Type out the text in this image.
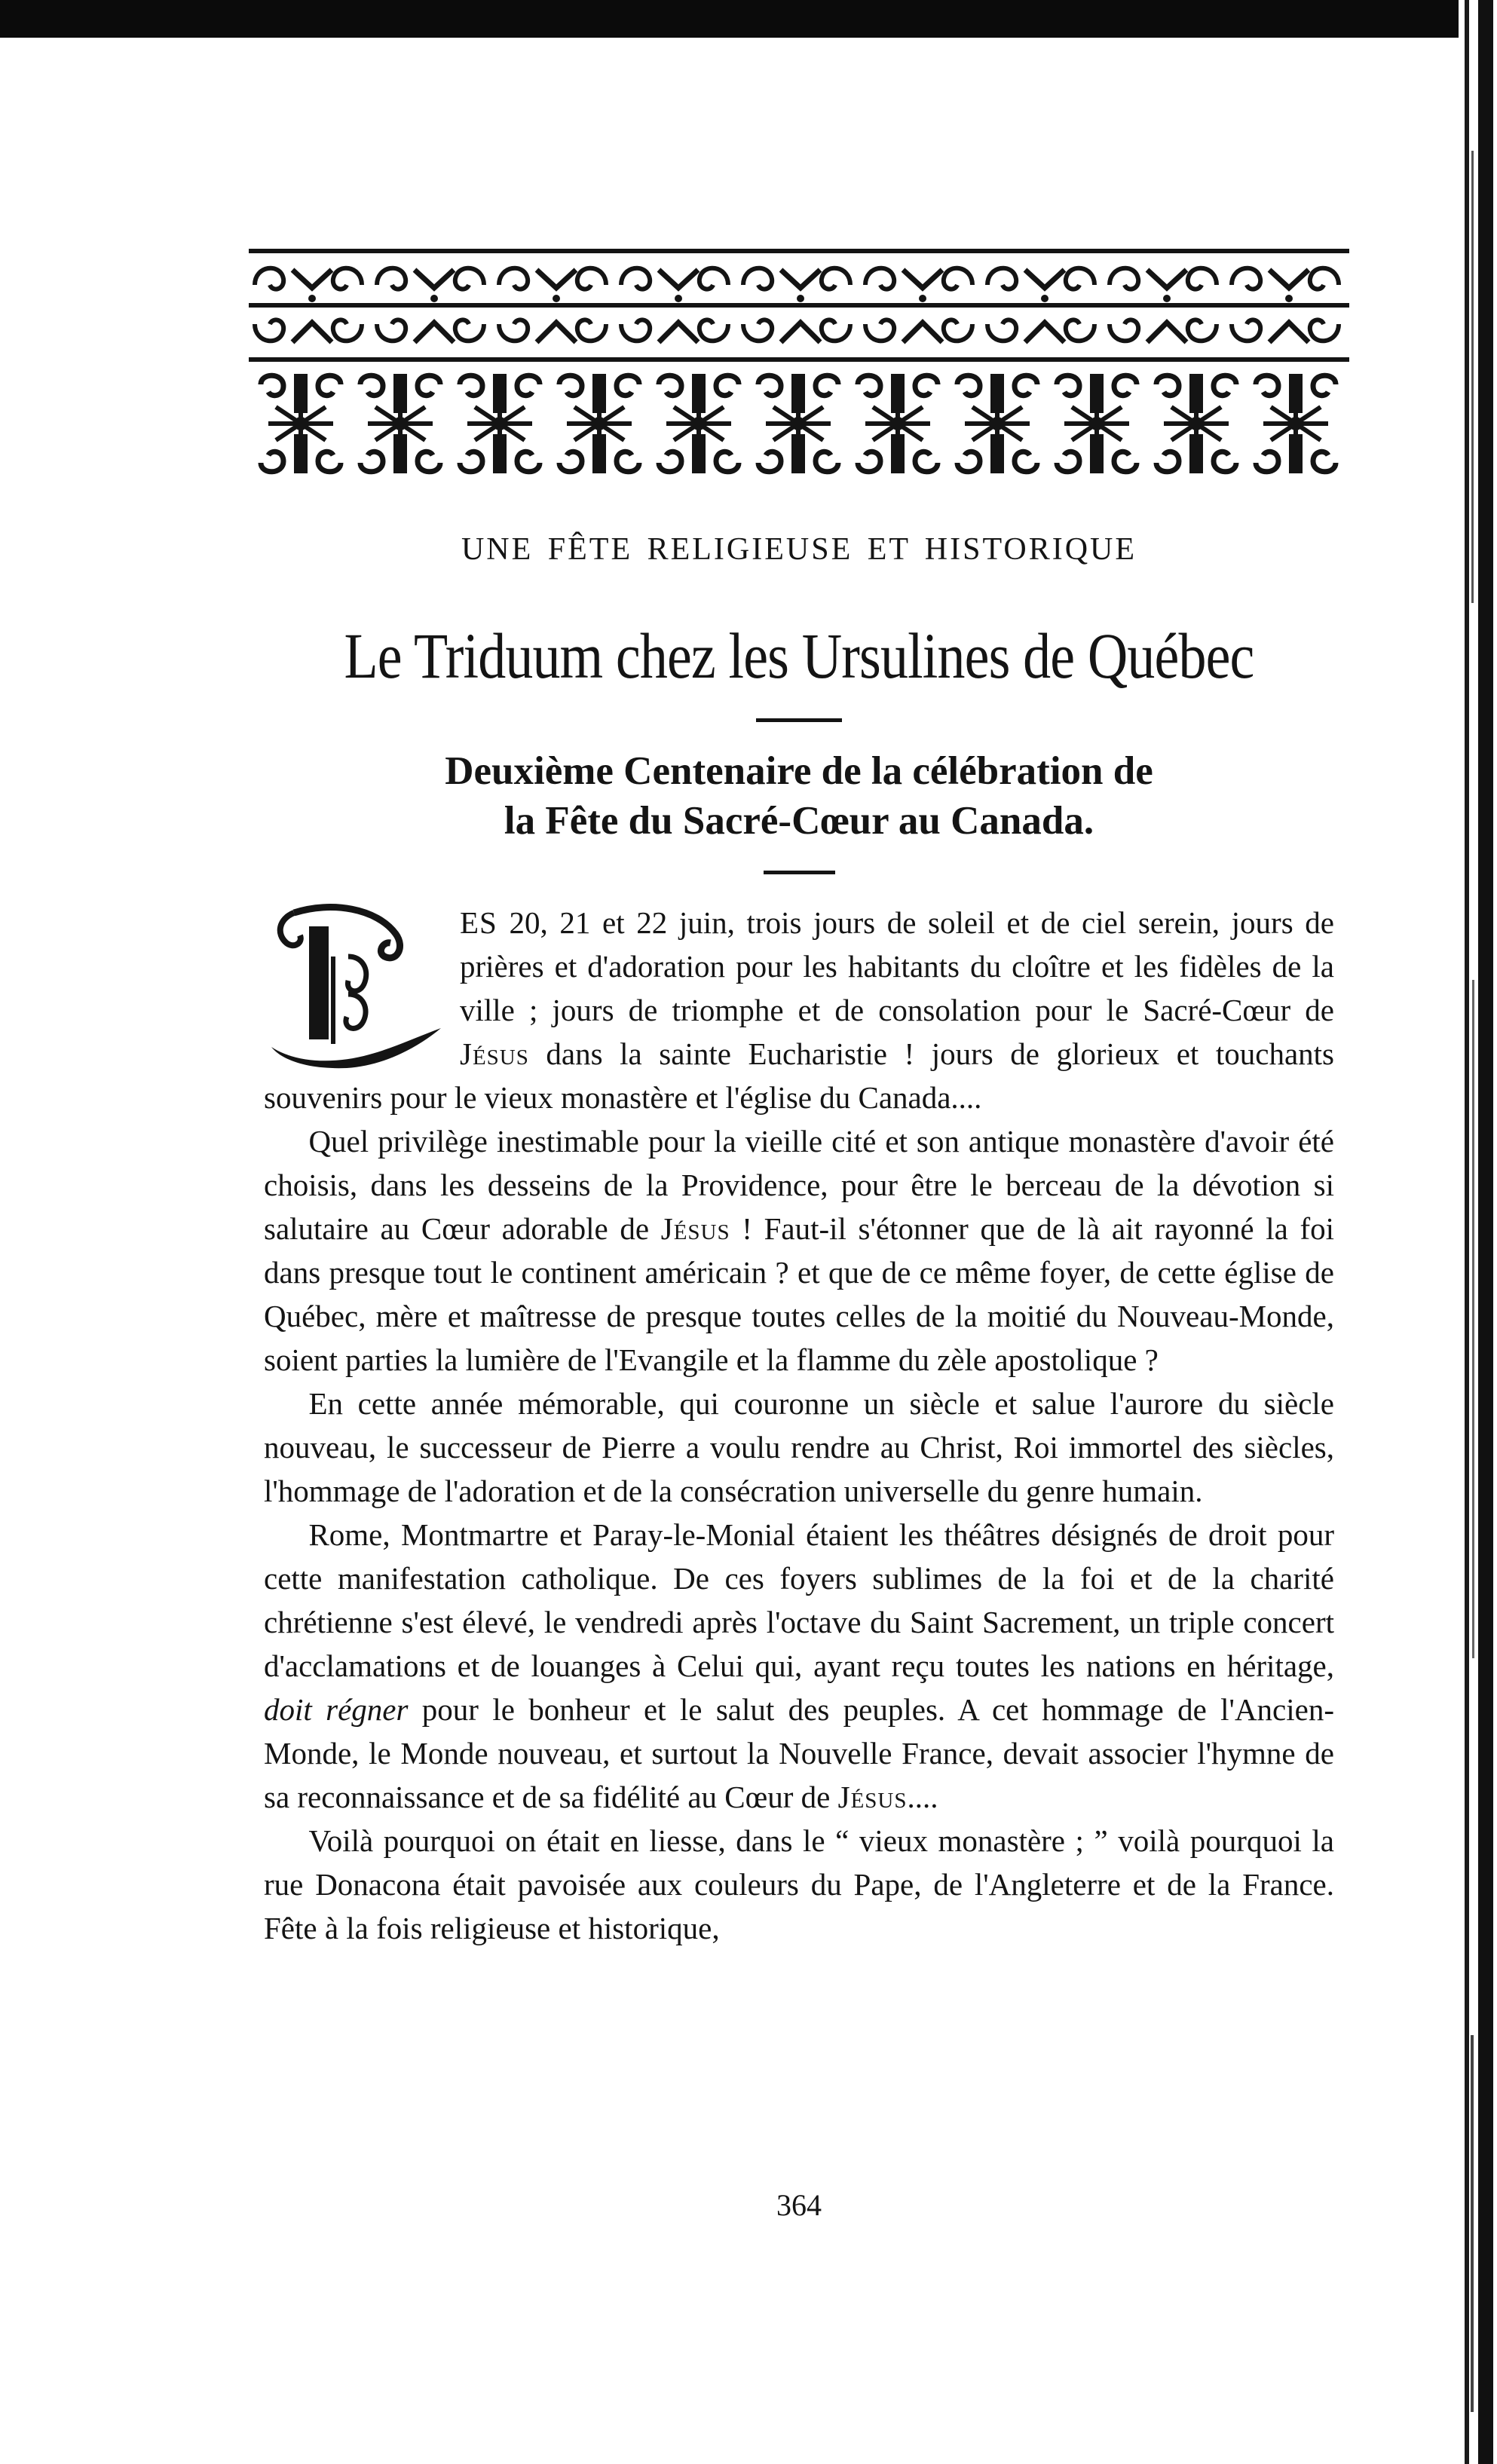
UNE FÊTE RELIGIEUSE ET HISTORIQUE
Le Triduum chez les Ursulines de Québec
Deuxième Centenaire de la célébration de
la Fête du Sacré-Cœur au Canada.

ES 20, 21 et 22 juin, trois jours de soleil et de ciel serein, jours de prières et d'adoration pour les habitants du cloître et les fidèles de la ville ; jours de triomphe et de consolation pour le Sacré-Cœur de Jésus dans la sainte Eucharistie ! jours de glorieux et touchants souvenirs pour le vieux monastère et l'église du Canada....

Quel privilège inestimable pour la vieille cité et son antique monastère d'avoir été choisis, dans les desseins de la Providence, pour être le berceau de la dévotion si salutaire au Cœur adorable de Jésus ! Faut-il s'étonner que de là ait rayonné la foi dans presque tout le continent américain ? et que de ce même foyer, de cette église de Québec, mère et maîtresse de presque toutes celles de la moitié du Nouveau-Monde, soient parties la lumière de l'Evangile et la flamme du zèle apostolique ?

En cette année mémorable, qui couronne un siècle et salue l'aurore du siècle nouveau, le successeur de Pierre a voulu rendre au Christ, Roi immortel des siècles, l'hommage de l'adoration et de la consécration universelle du genre humain.

Rome, Montmartre et Paray-le-Monial étaient les théâtres désignés de droit pour cette manifestation catholique. De ces foyers sublimes de la foi et de la charité chrétienne s'est élevé, le vendredi après l'octave du Saint Sacrement, un triple concert d'acclamations et de louanges à Celui qui, ayant reçu toutes les nations en héritage, doit régner pour le bonheur et le salut des peuples. A cet hommage de l'Ancien-Monde, le Monde nouveau, et surtout la Nouvelle France, devait associer l'hymne de sa reconnaissance et de sa fidélité au Cœur de Jésus....

Voilà pourquoi on était en liesse, dans le “ vieux monastère ; ” voilà pourquoi la rue Donacona était pavoisée aux couleurs du Pape, de l'Angleterre et de la France. Fête à la fois religieuse et historique,

364
